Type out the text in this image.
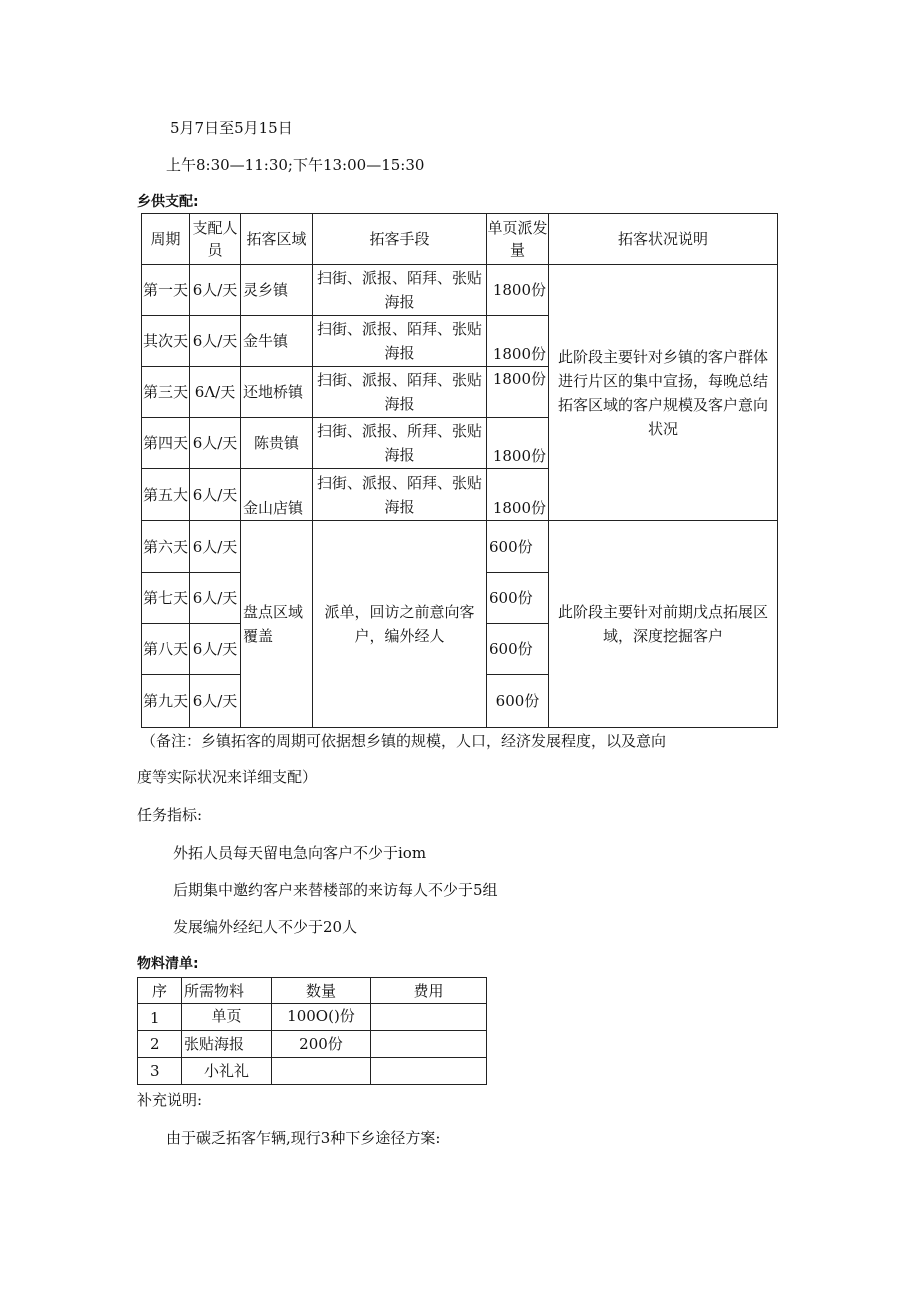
5月7日至5月15日
上午8:30—11:30;下午13:00—15:30
乡供支配:
周期	支配人员	拓客区域	拓客手段	单页派发量	拓客状况说明
第一天	6人/天	灵乡镇	扫街、派报、陌拜、张贴海报	1800份	此阶段主要针对乡镇的客户群体进行片区的集中宣扬，每晚总结拓客区域的客户规模及客户意向状况
其次天	6人/天	金牛镇	扫街、派报、陌拜、张贴海报	1800份	
第三天	6Λ/天	还地桥镇	扫街、派报、陌拜、张贴海报	1800份	
第四天	6人/天	陈贵镇	扫街、派报、所拜、张贴海报	1800份	
第五大	6人/天	金山店镇	扫街、派报、陌拜、张贴海报	1800份	
第六天	6人/天	盘点区域覆盖	派单，回访之前意向客户，编外经人	600份	此阶段主要针对前期戊点拓展区域，深度挖掘客户
第七天	6人/天			600份	
第八天	6人/天			600份	
第九天	6人/天			600份	
（备注：乡镇拓客的周期可依据想乡镇的规模，人口，经济发展程度，以及意向
度等实际状况来详细支配）
任务指标:
外拓人员每天留电急向客户不少于iom
后期集中邀约客户来替楼部的来访每人不少于5组
发展编外经纪人不少于20人
物料清单:
序	所需物料	数量	费用
1	单页	100O()份	
2	张贴海报	200份	
3	小礼礼		
补充说明:
由于碳乏拓客乍辆,现行3种下乡途径方案:
